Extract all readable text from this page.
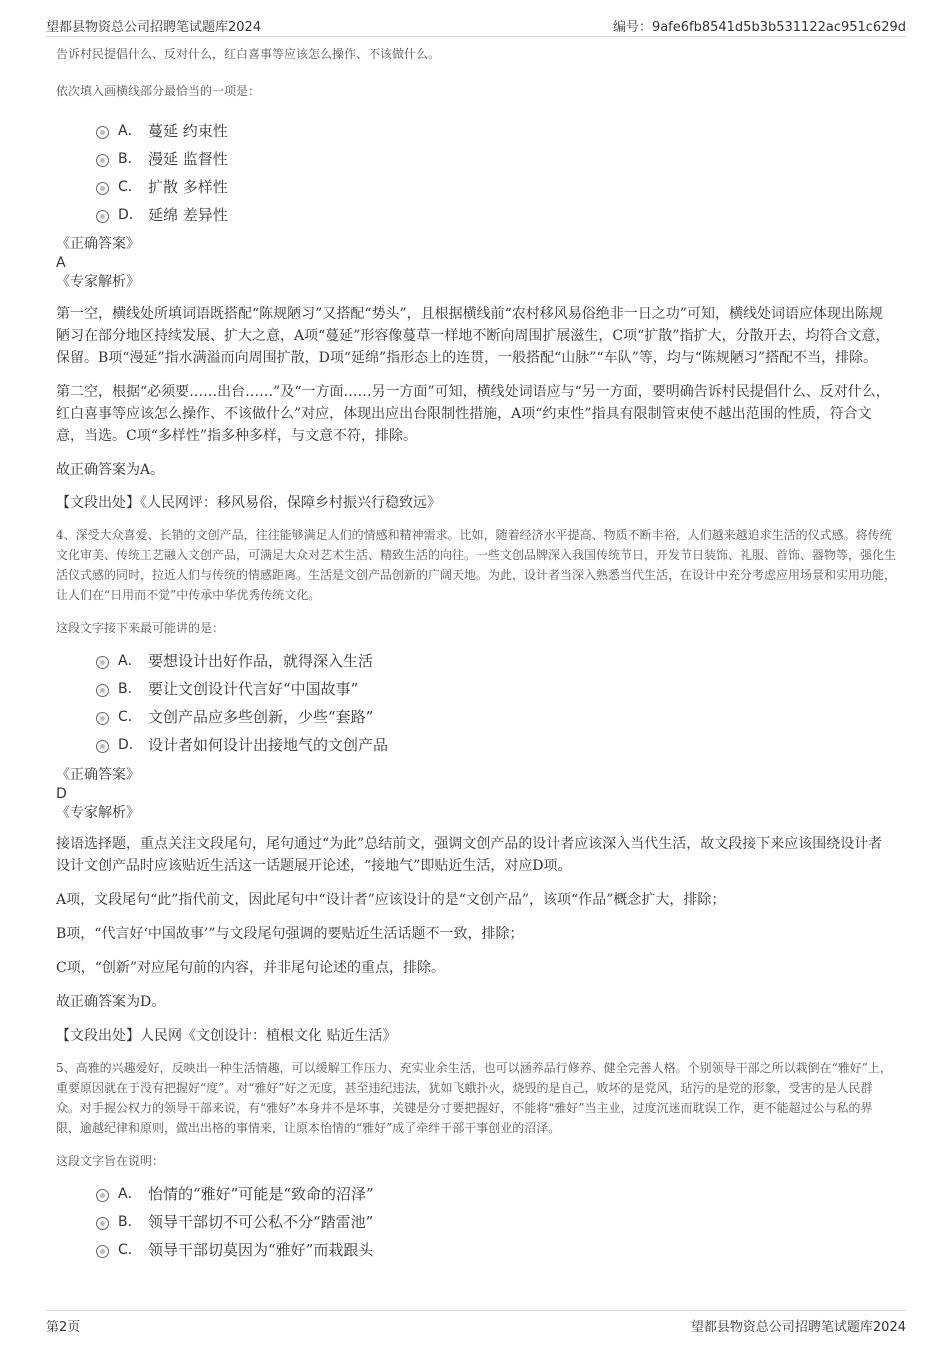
望都县物资总公司招聘笔试题库2024	编号：9afe6fb8541d5b3b531122ac951c629d

告诉村民提倡什么、反对什么，红白喜事等应该怎么操作、不该做什么。

依次填入画横线部分最恰当的一项是：

A． 蔓延 约束性
B． 漫延 监督性
C． 扩散 多样性
D． 延绵 差异性

《正确答案》

A

《专家解析》

第一空，横线处所填词语既搭配“陈规陋习”又搭配“势头”，且根据横线前“农村移风易俗绝非一日之功”可知，横线处词语应体现出陈规陋习在部分地区持续发展、扩大之意，A项“蔓延”形容像蔓草一样地不断向周围扩展滋生，C项“扩散”指扩大，分散开去，均符合文意，保留。B项“漫延”指水满溢而向周围扩散，D项“延绵”指形态上的连贯，一般搭配“山脉”“车队”等，均与“陈规陋习”搭配不当，排除。

第二空，根据“必须要……出台……”及“一方面……另一方面”可知，横线处词语应与“另一方面，要明确告诉村民提倡什么、反对什么，红白喜事等应该怎么操作、不该做什么”对应，体现出应出台限制性措施，A项“约束性”指具有限制管束使不越出范围的性质，符合文意，当选。C项“多样性”指多种多样，与文意不符，排除。

故正确答案为A。

【文段出处】《人民网评：移风易俗，保障乡村振兴行稳致远》

4、深受大众喜爱、长销的文创产品，往往能够满足人们的情感和精神需求。比如，随着经济水平提高、物质不断丰裕，人们越来越追求生活的仪式感。将传统文化审美、传统工艺融入文创产品，可满足大众对艺术生活、精致生活的向往。一些文创品牌深入我国传统节日，开发节日装饰、礼服、首饰、器物等，强化生活仪式感的同时，拉近人们与传统的情感距离。生活是文创产品创新的广阔天地。为此，设计者当深入熟悉当代生活，在设计中充分考虑应用场景和实用功能，让人们在“日用而不觉”中传承中华优秀传统文化。

这段文字接下来最可能讲的是：

A． 要想设计出好作品，就得深入生活
B． 要让文创设计代言好“中国故事”
C． 文创产品应多些创新，少些“套路”
D． 设计者如何设计出接地气的文创产品

《正确答案》

D

《专家解析》

接语选择题，重点关注文段尾句，尾句通过“为此”总结前文，强调文创产品的设计者应该深入当代生活，故文段接下来应该围绕设计者设计文创产品时应该贴近生活这一话题展开论述，“接地气”即贴近生活，对应D项。

A项，文段尾句“此”指代前文，因此尾句中“设计者”应该设计的是“文创产品”，该项“作品”概念扩大，排除；

B项，“代言好‘中国故事’”与文段尾句强调的要贴近生活话题不一致，排除；

C项，“创新”对应尾句前的内容，并非尾句论述的重点，排除。

故正确答案为D。

【文段出处】人民网《文创设计：植根文化 贴近生活》

5、高雅的兴趣爱好，反映出一种生活情趣，可以缓解工作压力、充实业余生活，也可以涵养品行修养、健全完善人格。个别领导干部之所以栽倒在“雅好”上，重要原因就在于没有把握好“度”。对“雅好”好之无度，甚至违纪违法，犹如飞蛾扑火，烧毁的是自己，败坏的是党风，玷污的是党的形象，受害的是人民群众。对手握公权力的领导干部来说，有“雅好”本身并不是坏事，关键是分寸要把握好，不能将“雅好”当主业，过度沉迷而耽误工作，更不能超过公与私的界限，逾越纪律和原则，做出出格的事情来，让原本怡情的“雅好”成了牵绊干部干事创业的沼泽。

这段文字旨在说明：

A． 怡情的“雅好”可能是“致命的沼泽”
B． 领导干部切不可公私不分“踏雷池”
C． 领导干部切莫因为“雅好”而栽跟头
第2页	望都县物资总公司招聘笔试题库2024
